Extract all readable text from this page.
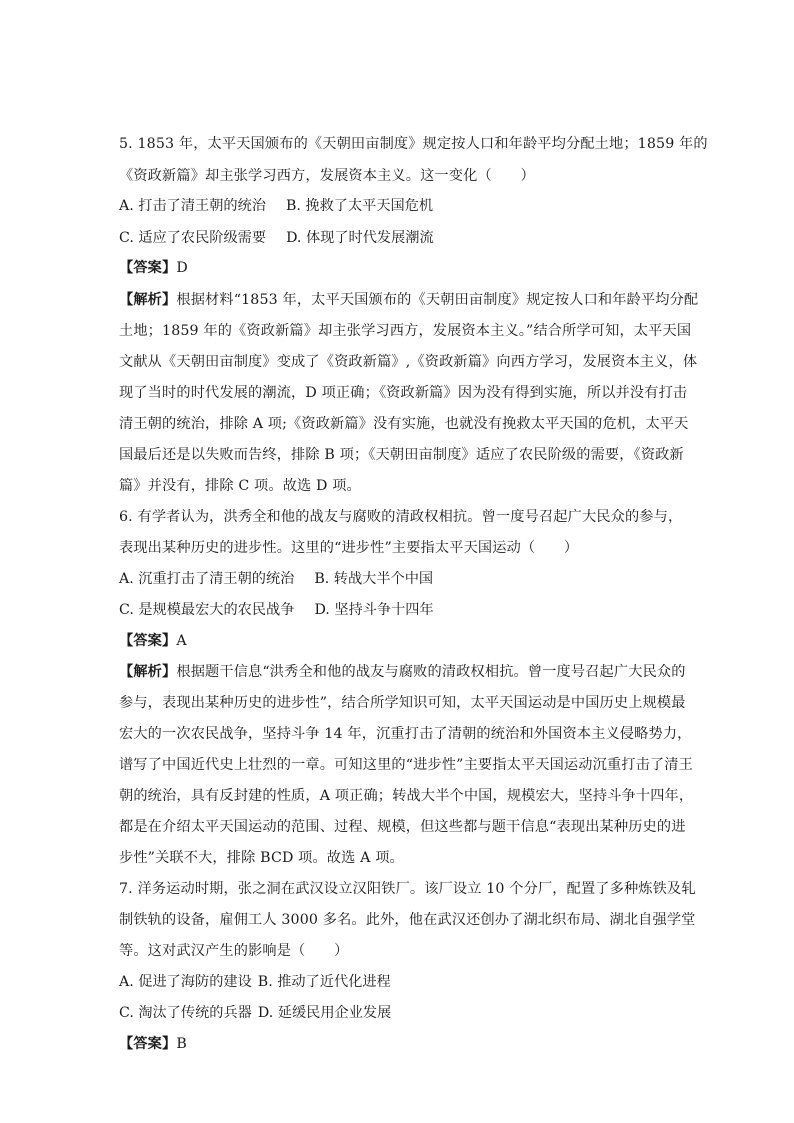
5. 1853 年，太平天国颁布的《天朝田亩制度》规定按人口和年龄平均分配土地；1859 年的
《资政新篇》却主张学习西方，发展资本主义。这一变化（　　）
A. 打击了清王朝的统治 B. 挽救了太平天国危机
C. 适应了农民阶级需要 D. 体现了时代发展潮流
【答案】D
【解析】根据材料“1853 年，太平天国颁布的《天朝田亩制度》规定按人口和年龄平均分配
土地；1859 年的《资政新篇》却主张学习西方，发展资本主义。”结合所学可知，太平天国
文献从《天朝田亩制度》变成了《资政新篇》,《资政新篇》向西方学习，发展资本主义，体
现了当时的时代发展的潮流，D 项正确；《资政新篇》因为没有得到实施，所以并没有打击
清王朝的统治，排除 A 项;《资政新篇》没有实施，也就没有挽救太平天国的危机，太平天
国最后还是以失败而告终，排除 B 项；《天朝田亩制度》适应了农民阶级的需要，《资政新
篇》并没有，排除 C 项。故选 D 项。
6. 有学者认为，洪秀全和他的战友与腐败的清政权相抗。曾一度号召起广大民众的参与，
表现出某种历史的进步性。这里的“进步性”主要指太平天国运动（　　）
A. 沉重打击了清王朝的统治 B. 转战大半个中国
C. 是规模最宏大的农民战争 D. 坚持斗争十四年
【答案】A
【解析】根据题干信息“洪秀全和他的战友与腐败的清政权相抗。曾一度号召起广大民众的
参与，表现出某种历史的进步性”，结合所学知识可知，太平天国运动是中国历史上规模最
宏大的一次农民战争，坚持斗争 14 年，沉重打击了清朝的统治和外国资本主义侵略势力，
谱写了中国近代史上壮烈的一章。可知这里的“进步性”主要指太平天国运动沉重打击了清王
朝的统治，具有反封建的性质，A 项正确；转战大半个中国，规模宏大，坚持斗争十四年，
都是在介绍太平天国运动的范围、过程、规模，但这些都与题干信息“表现出某种历史的进
步性”关联不大，排除 BCD 项。故选 A 项。
7. 洋务运动时期，张之洞在武汉设立汉阳铁厂。该厂设立 10 个分厂，配置了多种炼铁及轧
制铁轨的设备，雇佣工人 3000 多名。此外，他在武汉还创办了湖北织布局、湖北自强学堂
等。这对武汉产生的影响是（　　）
A. 促进了海防的建设 B. 推动了近代化进程
C. 淘汰了传统的兵器 D. 延缓民用企业发展
【答案】B
